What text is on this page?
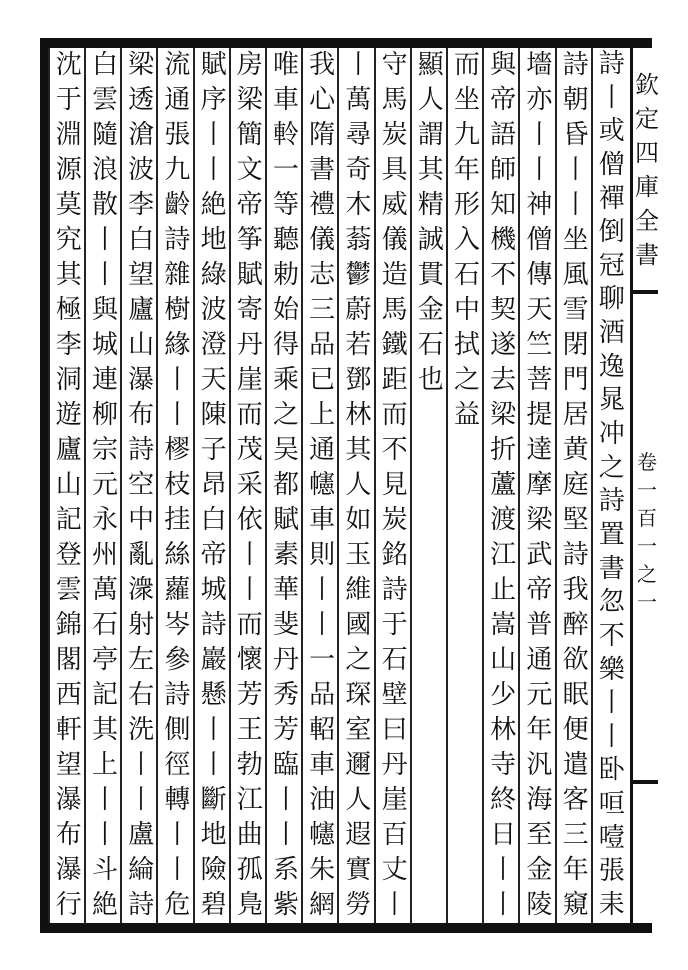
欽
定
四
庫
全
書
卷
一
百
一
之
一
詩
丨
或
僧
禪
倒
冠
聊
酒
逸
晁
冲
之
詩
置
書
忽
不
樂
丨
丨
卧
咺
噎
張
耒
詩
朝
昏
丨
丨
坐
風
雪
閉
門
居
黄
庭
堅
詩
我
醉
欲
眠
便
遣
客
三
年
窺
墻
亦
丨
丨
神
僧
傳
天
竺
菩
提
達
摩
梁
武
帝
普
通
元
年
汎
海
至
金
陵
與
帝
語
師
知
機
不
契
遂
去
梁
折
蘆
渡
江
止
嵩
山
少
林
寺
終
日
丨
丨
而
坐
九
年
形
入
石
中
拭
之
益
顯
人
謂
其
精
誠
貫
金
石
也
守
馬
炭
具
威
儀
造
馬
鐵
距
而
不
見
炭
銘
詩
于
石
壁
曰
丹
崖
百
丈
丨
丨
萬
尋
奇
木
蓊
鬱
蔚
若
鄧
林
其
人
如
玉
維
國
之
琛
室
邇
人
遐
實
勞
我
心
隋
書
禮
儀
志
三
品
已
上
通
幰
車
則
丨
丨
一
品
軺
車
油
幰
朱
網
唯
車
軨
一
等
聽
勅
始
得
乘
之
吴
都
賦
素
華
斐
丹
秀
芳
臨
丨
丨
系
紫
房
梁
簡
文
帝
筝
賦
寄
丹
崖
而
茂
采
依
丨
丨
而
懷
芳
王
勃
江
曲
孤
鳬
賦
序
丨
丨
絶
地
綠
波
澄
天
陳
子
昂
白
帝
城
詩
巖
懸
丨
丨
斷
地
險
碧
流
通
張
九
齡
詩
雜
樹
緣
丨
丨
樛
枝
挂
絲
蘿
岑
參
詩
側
徑
轉
丨
丨
危
梁
透
滄
波
李
白
望
廬
山
瀑
布
詩
空
中
亂
潨
射
左
右
洗
丨
丨
盧
綸
詩
白
雲
隨
浪
散
丨
丨
與
城
連
柳
宗
元
永
州
萬
石
亭
記
其
上
丨
丨
斗
絶
沈
于
淵
源
莫
究
其
極
李
洞
遊
廬
山
記
登
雲
錦
閣
西
軒
望
瀑
布
瀑
行
